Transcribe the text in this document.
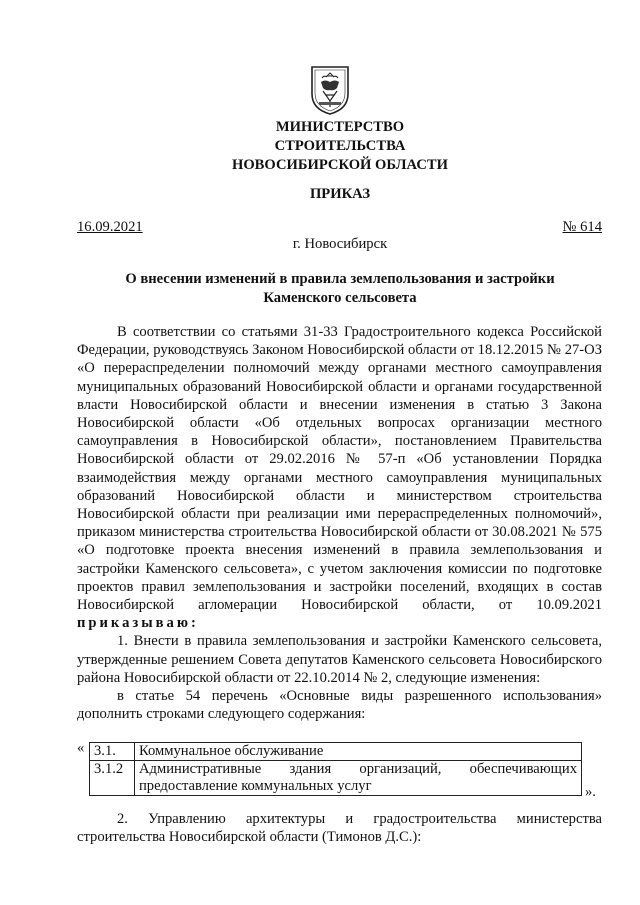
МИНИСТЕРСТВО
СТРОИТЕЛЬСТВА
НОВОСИБИРСКОЙ ОБЛАСТИ
ПРИКАЗ
16.09.2021	№ 614
г. Новосибирск
О внесении изменений в правила землепользования и застройки
Каменского сельсовета

В соответствии со статьями 31-33 Градостроительного кодекса Российской Федерации, руководствуясь Законом Новосибирской области от 18.12.2015 № 27-ОЗ «О перераспределении полномочий между органами местного самоуправления муниципальных образований Новосибирской области и органами государственной власти Новосибирской области и внесении изменения в статью 3 Закона Новосибирской области «Об отдельных вопросах организации местного самоуправления в Новосибирской области», постановлением Правительства Новосибирской области от 29.02.2016 № 57-п «Об установлении Порядка взаимодействия между органами местного самоуправления муниципальных образований Новосибирской области и министерством строительства Новосибирской области при реализации ими перераспределенных полномочий», приказом министерства строительства Новосибирской области от 30.08.2021 № 575 «О подготовке проекта внесения изменений в правила землепользования и застройки Каменского сельсовета», с учетом заключения комиссии по подготовке проектов правил землепользования и застройки поселений, входящих в состав Новосибирской агломерации Новосибирской области, от 10.09.2021 приказываю:

1. Внести в правила землепользования и застройки Каменского сельсовета, утвержденные решением Совета депутатов Каменского сельсовета Новосибирского района Новосибирской области от 22.10.2014 № 2, следующие изменения:

в статье 54 перечень «Основные виды разрешенного использования» дополнить строками следующего содержания:

« 3.1.	Коммунальное обслуживание
3.1.2	Административные здания организаций, обеспечивающих предоставление коммунальных услуг	».

2. Управлению архитектуры и градостроительства министерства строительства Новосибирской области (Тимонов Д.С.):
